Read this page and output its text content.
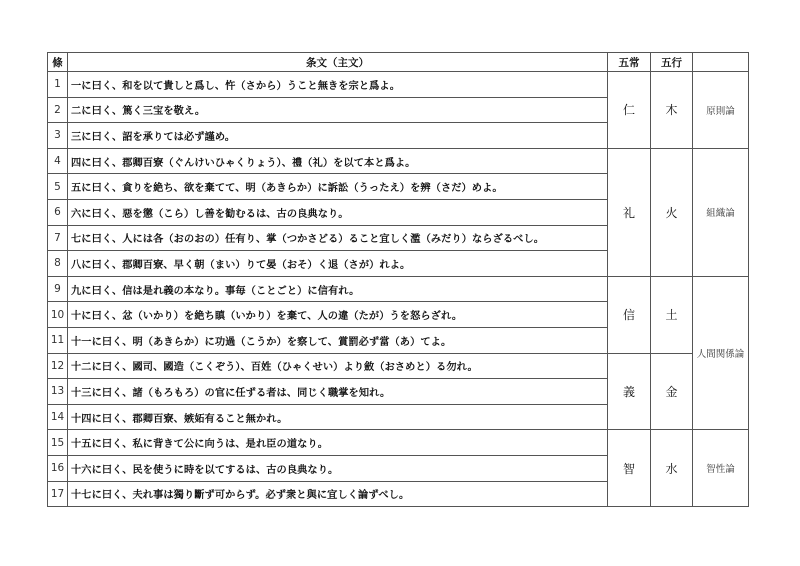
條	条文（主文）	五常	五行	
1	一に曰く、和を以て貴しと爲し、忤（さから）うこと無きを宗と爲よ。	仁	木	原則論
2	二に曰く、篤く三宝を敬え。			
3	三に曰く、詔を承りては必ず謹め。			
4	四に曰く、郡卿百寮（ぐんけいひゃくりょう）、禮（礼）を以て本と爲よ。	礼	火	組織論
5	五に曰く、貪りを絶ち、欲を棄てて、明（あきらか）に訴訟（うったえ）を辨（さだ）めよ。			
6	六に曰く、惡を懲（こら）し善を勧むるは、古の良典なり。			
7	七に曰く、人には各（おのおの）任有り、掌（つかさどる）ること宜しく濫（みだり）ならざるべし。			
8	八に曰く、郡卿百寮、早く朝（まい）りて晏（おそ）く退（さが）れよ。			
9	九に曰く、信は是れ義の本なり。事毎（ことごと）に信有れ。	信	土	人間関係論
10	十に曰く、忿（いかり）を絶ち瞋（いかり）を棄て、人の違（たが）うを怒らざれ。			
11	十一に曰く、明（あきらか）に功過（こうか）を察して、賞罰必ず當（あ）てよ。			
12	十二に曰く、國司、國造（こくぞう）、百姓（ひゃくせい）より斂（おさめと）る勿れ。	義	金	
13	十三に曰く、諸（もろもろ）の官に任ずる者は、同じく職掌を知れ。			
14	十四に曰く、郡卿百寮、嫉妬有ること無かれ。			
15	十五に曰く、私に背きて公に向うは、是れ臣の道なり。	智	水	智性論
16	十六に曰く、民を使うに時を以てするは、古の良典なり。			
17	十七に曰く、夫れ事は獨り斷ず可からず。必ず衆と與に宜しく論ずべし。			
